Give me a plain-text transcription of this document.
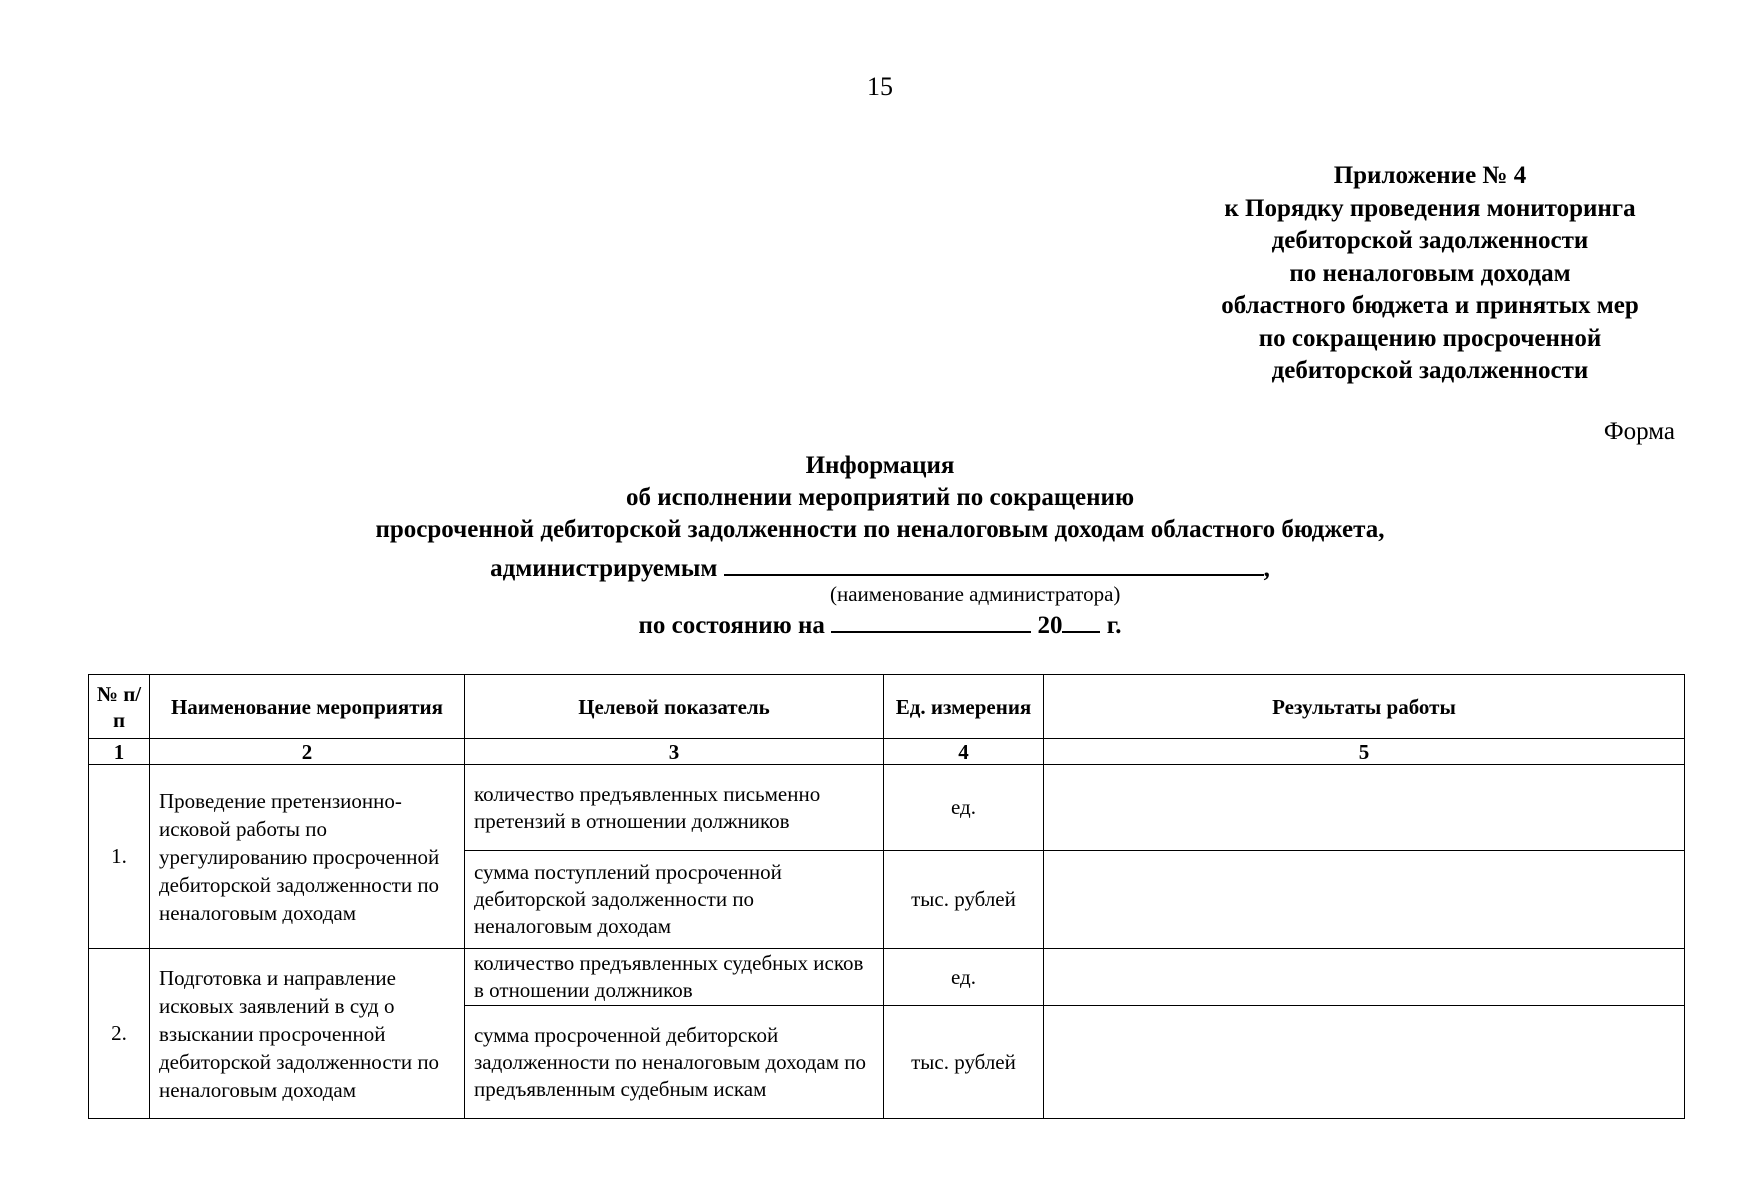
15
Приложение № 4
к Порядку проведения мониторинга
дебиторской задолженности
по неналоговым доходам
областного бюджета и принятых мер
по сокращению просроченной
дебиторской задолженности
Форма
Информация
об исполнении мероприятий по сокращению
просроченной дебиторской задолженности по неналоговым доходам областного бюджета,
администрируемым	,
(наименование администратора)
по состоянию на	20 г.
№ п/п	Наименование мероприятия	Целевой показатель	Ед. измерения	Результаты работы
1	2	3	4	5
1.	Проведение претензионно-исковой работы по урегулированию просроченной дебиторской задолженности по неналоговым доходам	количество предъявленных письменно претензий в отношении должников	ед.	
		сумма поступлений просроченной дебиторской задолженности по неналоговым доходам	тыс. рублей	
2.	Подготовка и направление исковых заявлений в суд о взыскании просроченной дебиторской задолженности по неналоговым доходам	количество предъявленных судебных исков в отношении должников	ед.	
		сумма просроченной дебиторской задолженности по неналоговым доходам по предъявленным судебным искам	тыс. рублей	
